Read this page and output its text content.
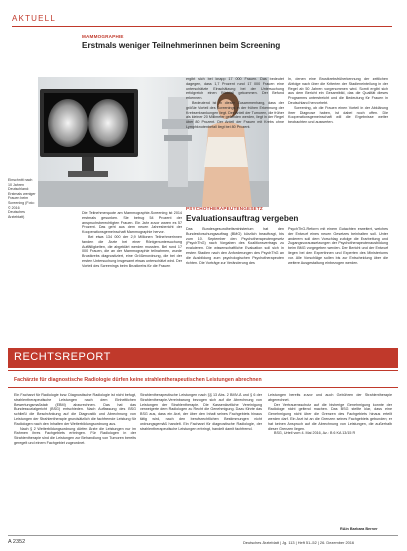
AKTUELL
MAMMOGRAPHIE
Erstmals weniger Teilnehmerinnen beim Screening
Einschnitt nach 10 Jahren Deutschland: Erstmals weniger Frauen beim Screening (Foto: © 2016 Deutsches Ärzteblatt)

Die Teilnehmerquote am Mammographie-Screening ist 2014 erstmals gesunken. Sie betrug 54 Prozent der anspruchsberechtigten Frauen. Ein Jahr zuvor waren es 57 Prozent. Das geht aus dem neuen Jahresbericht der Kooperationsgemeinschaft Mammographie hervor.

Bei etwa 134 000 der 2,9 Millionen Teilnehmerinnen fanden die Ärzte bei einer Röntgenuntersuchung Auffälligkeiten, die abgeklärt werden mussten. Bei rund 17 000 Frauen, die an der Mammographie teilnahmen, wurde Brustkrebs diagnostiziert, eine Größenordnung, die bei der ersten Untersuchung insgesamt etwas unterschätzt wird. Der Vorteil des Screenings beim Brustkrebs für die Frauen

ergibt sich bei knapp 17 000 Frauen. Das bedeutet dagegen, dass 1,7 Prozent rund 17 000 Frauen eine unterschätzte Einschätzung bei der Untersuchung erfolgreich einen Rückfall gekommen. Der Befund erkennen.

Bedeutend ist in dieser Zusammenhang, dass der größte Vorteil des Screenings in der frühen Erkennung der Krebserkrankungen liegt. Der Anteil der Tumoren, die früher als kleiner 20 Millimeter gefunden werden, liegt in der Regel über 80 Prozent. Der Anteil der Frauen mit Krebs ohne Lymphknotenbefall liegt bei 80 Prozent.

In, denen eine Brustkrebsfrüherkennung der zeitlichen Abfolge nach über die Kriterien der Stadieneinteilung in der Regel ab 50 Jahren vorgenommen wird. Somit ergibt sich aus dem Bericht ein Gesamtbild, das die Qualität dieses Programms unterstreicht und die Bedeutung für Frauen in Deutschland hervorhebt.

Screening, ob die Frauen einen Vorteil in der Abklärung ihrer Diagnose haben, ist dabei noch offen. Die Kooperationsgemeinschaft will die Ergebnisse weiter beobachten und auswerten.

PSYCHOTHERAPEUTENGESETZ
Evaluationsauftrag vergeben

Das Bundesgesundheitsministerium hat den Bundesforschungsauftrag (BMG) kürzlich beauftragt, bis zum 10. September den Psychotherapeutengesetz (PsychThG) nach Vorgaben des Koalitionsvertrags zu evaluieren. Die wissenschaftliche Evaluation soll sich in ersten Stadien nach den Anforderungen des PsychThG an die Ausbildung zum psychologischen Psychotherapeuten richten. Die Vorträge zur Veränderung des

PsychThG-Reform mit einem Gutachten erweitert, welches der Entwurf eines neuen Gesetzes beinhalten soll. Unter anderem soll dem Vorschlag zufolge die Erarbeitung und Zugangsvoraussetzungen der Psychotherapeutenausbildung beim BMG vorgegeben werden. Der Bericht und der Entwurf liegen bei den Expertinnen und Experten des Ministeriums vor. Alle Vorschläge sollen bis zur Entscheidung über die weitere Ausgestaltung einbezogen werden.

RECHTSREPORT
Fachärzte für diagnostische Radiologie dürfen keine strahlentherapeutischen Leistungen abrechnen

Ein Facharzt für Radiologie bzw. Diagnostische Radiologie ist nicht befugt, strahlentherapeutische Leistungen nach dem Einheitlichen Bewertungsmaßstab (EBM) abzurechnen. Das hat das Bundessozialgericht (BSG) entschieden. Nach Auffassung des BSG schließt die Beschränkung auf die Diagnostik und Abrechnung von Leistungen der Strahlentherapie grundsätzlich die fachfremde Leistung für Radiologen nach den Inhalten der Weiterbildungsordnung aus.

Nach § 2 Weiterbildungsordnung dürfen Ärzte die Leistungen nur im Rahmen ihres Fachgebiets erbringen. Für Radiologen in der Strahlentherapie sind die Leistungen zur Behandlung von Tumoren bereits geregelt und einem Fachgebiet zugeordnet.

Strahlentherapeutische Leistungen nach §§ 13 Abs. 2 BMV-Ä und § 6 der Strahlentherapie-Vereinbarung bezogen sich auf die Abrechnung von Leistungen der Strahlentherapie. Die Kassenärztliche Vereinigung verweigerte dem Radiologen zu Recht die Genehmigung. Dazu führte das BSG aus, dass ein Arzt, der über den Inhalt seines Fachgebiets hinaus tätig wird, nach den berufsrechtlichen Bestimmungen nicht ordnungsgemäß handelt. Ein Facharzt für diagnostische Radiologie, der strahlentherapeutische Leistungen erbringt, handelt damit fachfremd.

Leistungen bereits zuvor und auch Gebühren der Strahlentherapie abgerechnet.

Der Vertrauensschutz auf die bisherige Genehmigung konnte der Radiologe nicht geltend machen. Das BSG stellte klar, dass eine Genehmigung nicht über die Grenzen des Fachgebiets hinaus erteilt werden darf. Ein Arzt ist an die Grenzen seines Fachgebiets gebunden; er hat keinen Anspruch auf die Abrechnung von Leistungen, die außerhalb dieser Grenzen liegen.

BSG, Urteil vom 4. Mai 2016, Az.: B 6 KA 13/15 R

RAin Barbara Berner
A 2352	Deutsches Ärzteblatt | Jg. 113 | Heft 51–52 | 26. Dezember 2016
